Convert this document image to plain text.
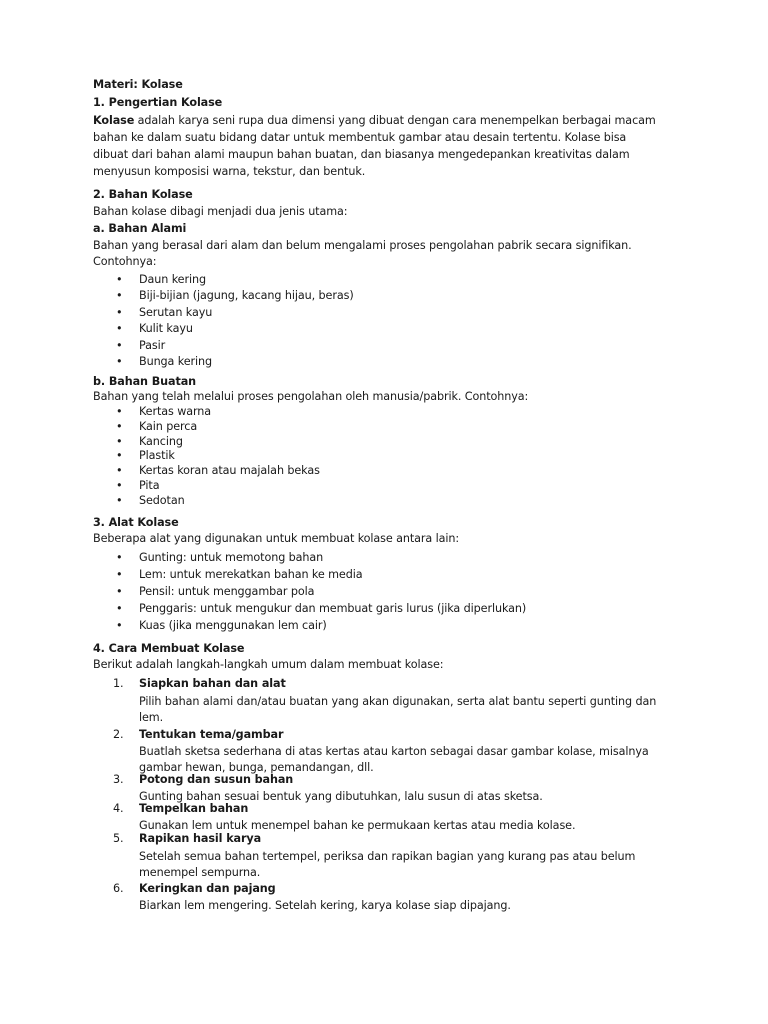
Materi: Kolase
1. Pengertian Kolase
Kolase adalah karya seni rupa dua dimensi yang dibuat dengan cara menempelkan berbagai macam
bahan ke dalam suatu bidang datar untuk membentuk gambar atau desain tertentu. Kolase bisa
dibuat dari bahan alami maupun bahan buatan, dan biasanya mengedepankan kreativitas dalam
menyusun komposisi warna, tekstur, dan bentuk.
2. Bahan Kolase
Bahan kolase dibagi menjadi dua jenis utama:
a. Bahan Alami
Bahan yang berasal dari alam dan belum mengalami proses pengolahan pabrik secara signifikan.
Contohnya:
• Daun kering
• Biji-bijian (jagung, kacang hijau, beras)
• Serutan kayu
• Kulit kayu
• Pasir
• Bunga kering
b. Bahan Buatan
Bahan yang telah melalui proses pengolahan oleh manusia/pabrik. Contohnya:
• Kertas warna
• Kain perca
• Kancing
• Plastik
• Kertas koran atau majalah bekas
• Pita
• Sedotan
3. Alat Kolase
Beberapa alat yang digunakan untuk membuat kolase antara lain:
• Gunting: untuk memotong bahan
• Lem: untuk merekatkan bahan ke media
• Pensil: untuk menggambar pola
• Penggaris: untuk mengukur dan membuat garis lurus (jika diperlukan)
• Kuas (jika menggunakan lem cair)
4. Cara Membuat Kolase
Berikut adalah langkah-langkah umum dalam membuat kolase:
1. Siapkan bahan dan alat
Pilih bahan alami dan/atau buatan yang akan digunakan, serta alat bantu seperti gunting dan
lem.
2. Tentukan tema/gambar
Buatlah sketsa sederhana di atas kertas atau karton sebagai dasar gambar kolase, misalnya
gambar hewan, bunga, pemandangan, dll.
3. Potong dan susun bahan
Gunting bahan sesuai bentuk yang dibutuhkan, lalu susun di atas sketsa.
4. Tempelkan bahan
Gunakan lem untuk menempel bahan ke permukaan kertas atau media kolase.
5. Rapikan hasil karya
Setelah semua bahan tertempel, periksa dan rapikan bagian yang kurang pas atau belum
menempel sempurna.
6. Keringkan dan pajang
Biarkan lem mengering. Setelah kering, karya kolase siap dipajang.
